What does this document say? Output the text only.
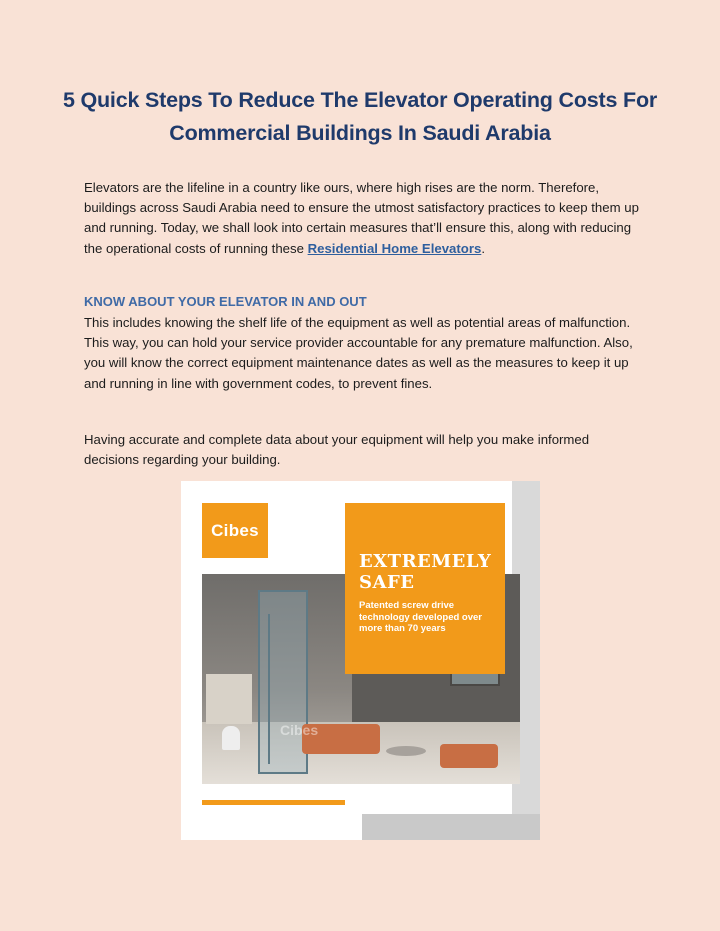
5 Quick Steps To Reduce The Elevator Operating Costs For Commercial Buildings In Saudi Arabia

Elevators are the lifeline in a country like ours, where high rises are the norm. Therefore, buildings across Saudi Arabia need to ensure the utmost satisfactory practices to keep them up and running. Today, we shall look into certain measures that’ll ensure this, along with reducing the operational costs of running these Residential Home Elevators.

KNOW ABOUT YOUR ELEVATOR IN AND OUT

This includes knowing the shelf life of the equipment as well as potential areas of malfunction. This way, you can hold your service provider accountable for any premature malfunction. Also, you will know the correct equipment maintenance dates as well as the measures to keep it up and running in line with government codes, to prevent fines.

Having accurate and complete data about your equipment will help you make informed decisions regarding your building.

Cibes
Cibes
EXTREMELY SAFE

Patented screw drive technology developed over more than 70 years
